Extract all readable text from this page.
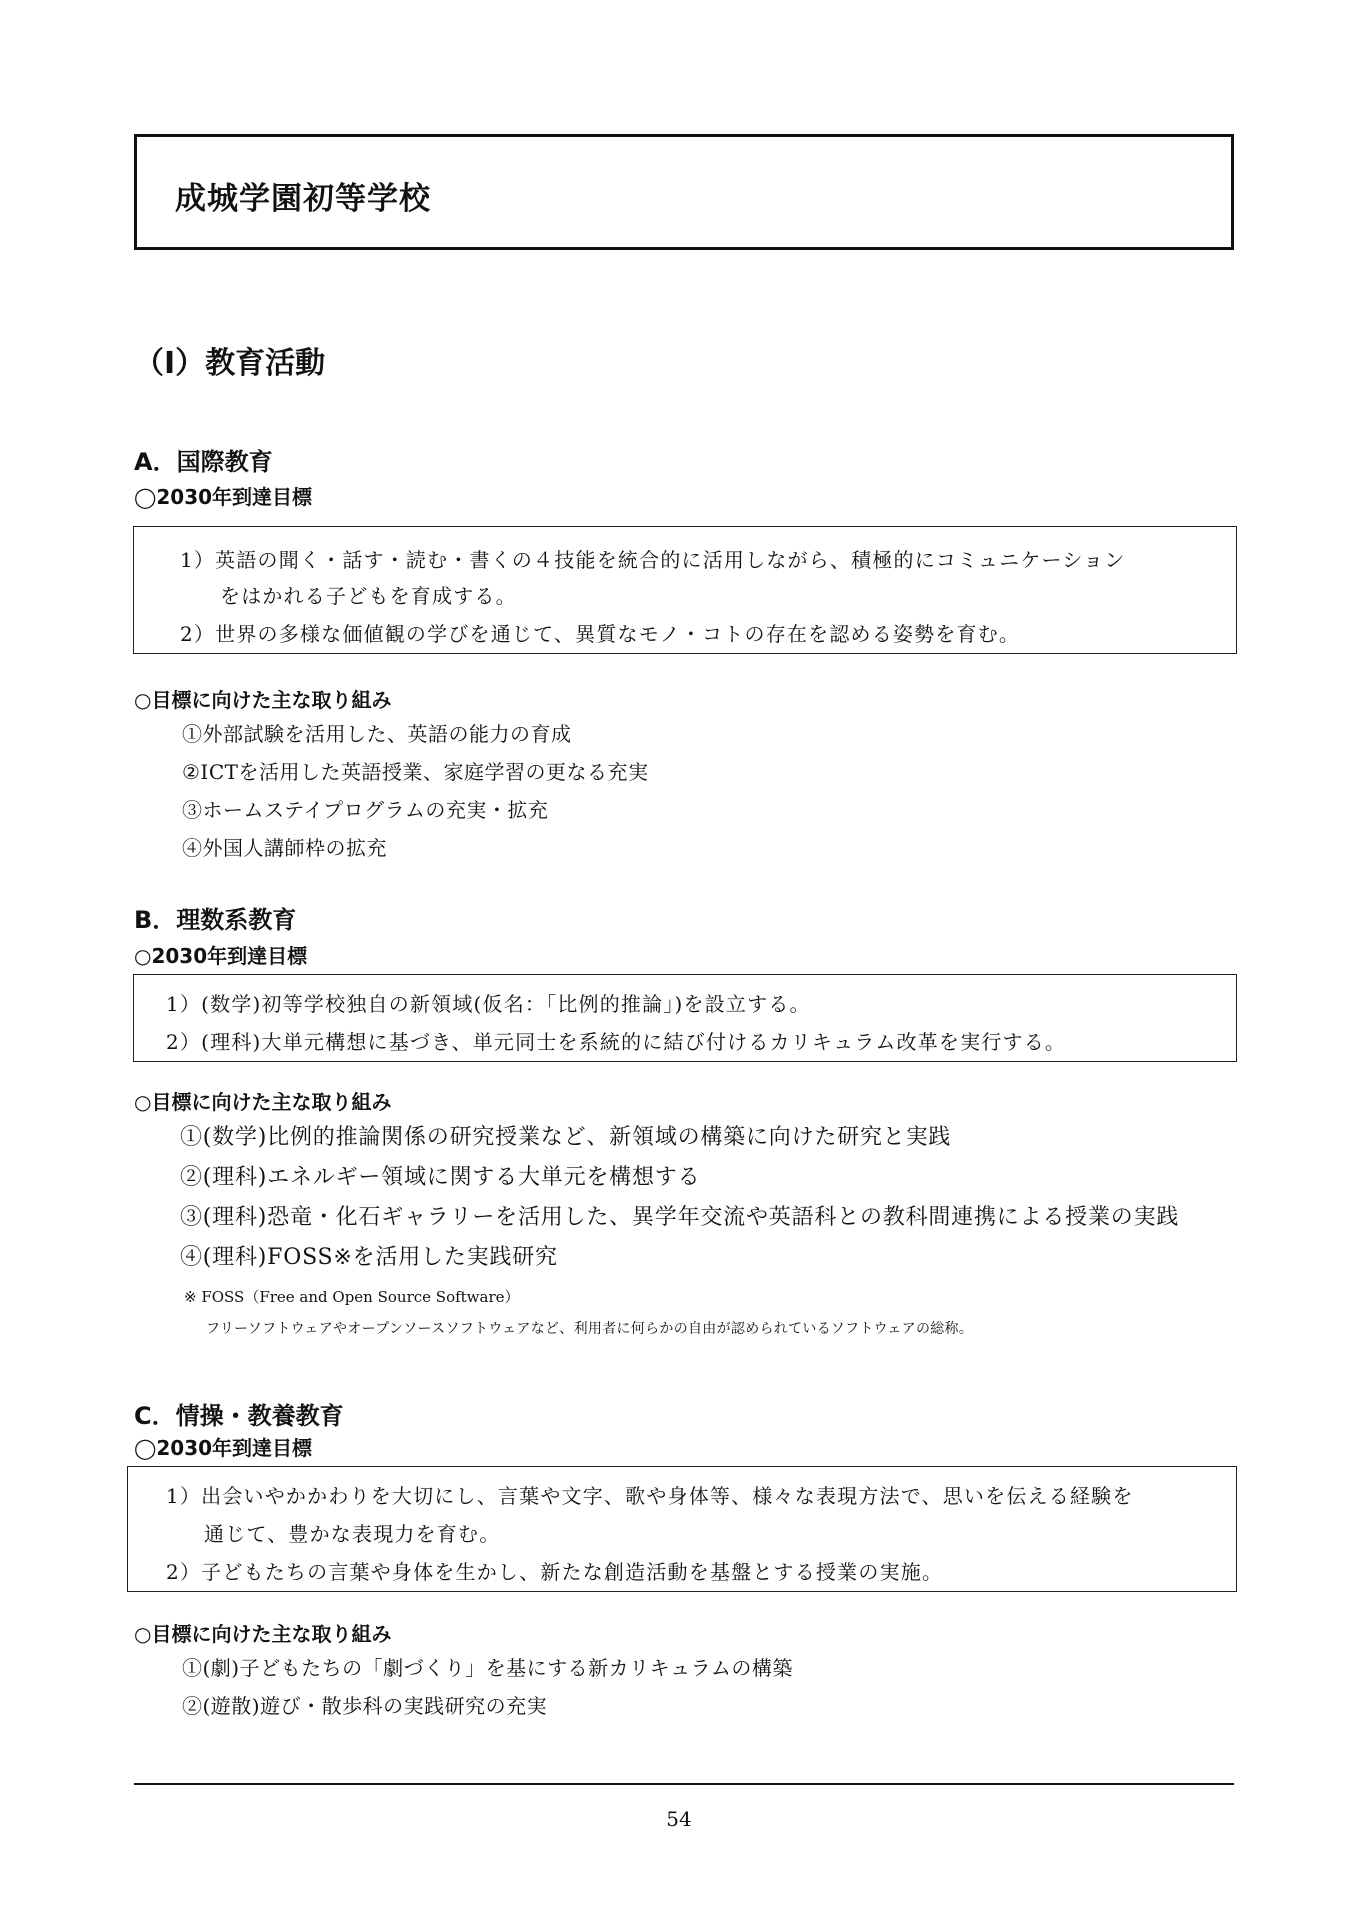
成城学園初等学校
（Ⅰ）教育活動
A．国際教育
◯2030年到達目標
1）英語の聞く・話す・読む・書くの４技能を統合的に活用しながら、積極的にコミュニケーション
をはかれる子どもを育成する。
2）世界の多様な価値観の学びを通じて、異質なモノ・コトの存在を認める姿勢を育む。
○目標に向けた主な取り組み
①外部試験を活用した、英語の能力の育成
②ICTを活用した英語授業、家庭学習の更なる充実
③ホームステイプログラムの充実・拡充
④外国人講師枠の拡充
B．理数系教育
○2030年到達目標
1）(数学)初等学校独自の新領域(仮名：「比例的推論」)を設立する。
2）(理科)大単元構想に基づき、単元同士を系統的に結び付けるカリキュラム改革を実行する。
○目標に向けた主な取り組み
①(数学)比例的推論関係の研究授業など、新領域の構築に向けた研究と実践
②(理科)エネルギー領域に関する大単元を構想する
③(理科)恐竜・化石ギャラリーを活用した、異学年交流や英語科との教科間連携による授業の実践
④(理科)FOSS※を活用した実践研究
※ FOSS（Free and Open Source Software）
フリーソフトウェアやオープンソースソフトウェアなど、利用者に何らかの自由が認められているソフトウェアの総称。
C．情操・教養教育
◯2030年到達目標
1）出会いやかかわりを大切にし、言葉や文字、歌や身体等、様々な表現方法で、思いを伝える経験を
通じて、豊かな表現力を育む。
2）子どもたちの言葉や身体を生かし、新たな創造活動を基盤とする授業の実施。
○目標に向けた主な取り組み
①(劇)子どもたちの「劇づくり」を基にする新カリキュラムの構築
②(遊散)遊び・散歩科の実践研究の充実
54
